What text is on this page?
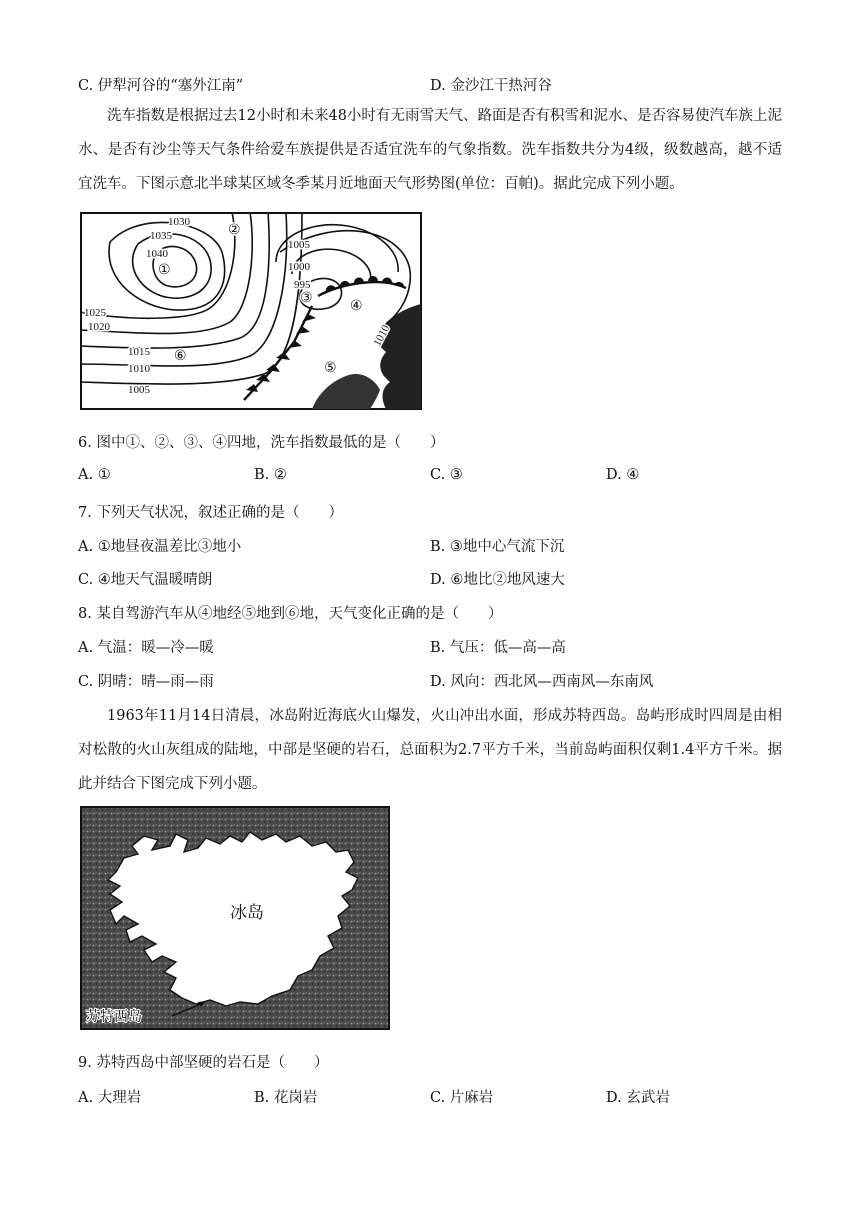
C. 伊犁河谷的“塞外江南”	D. 金沙江干热河谷
洗车指数是根据过去12小时和未来48小时有无雨雪天气、路面是否有积雪和泥水、是否容易使汽车族上泥水、是否有沙尘等天气条件给爱车族提供是否适宜洗车的气象指数。洗车指数共分为4级，级数越高，越不适宜洗车。下图示意北半球某区域冬季某月近地面天气形势图(单位：百帕)。据此完成下列小题。
1030
1035
1040
1025
1020
1015
1010
1005
1005
1000
995
1010
①
②
③	④
⑤
⑥
6. 图中①、②、③、④四地，洗车指数最低的是（　　）
A. ①	B. ②	C. ③	D. ④
7. 下列天气状况，叙述正确的是（　　）
A. ①地昼夜温差比③地小	B. ③地中心气流下沉
C. ④地天气温暖晴朗	D. ⑥地比②地风速大
8. 某自驾游汽车从④地经⑤地到⑥地，天气变化正确的是（　　）
A. 气温：暖—冷—暖	B. 气压：低—高—高
C. 阴晴：晴—雨—雨	D. 风向：西北风—西南风—东南风
1963年11月14日清晨，冰岛附近海底火山爆发，火山冲出水面，形成苏特西岛。岛屿形成时四周是由相对松散的火山灰组成的陆地，中部是坚硬的岩石，总面积为2.7平方千米，当前岛屿面积仅剩1.4平方千米。据此并结合下图完成下列小题。
冰岛
苏特西岛
9. 苏特西岛中部坚硬的岩石是（　　）
A. 大理岩	B. 花岗岩	C. 片麻岩	D. 玄武岩
